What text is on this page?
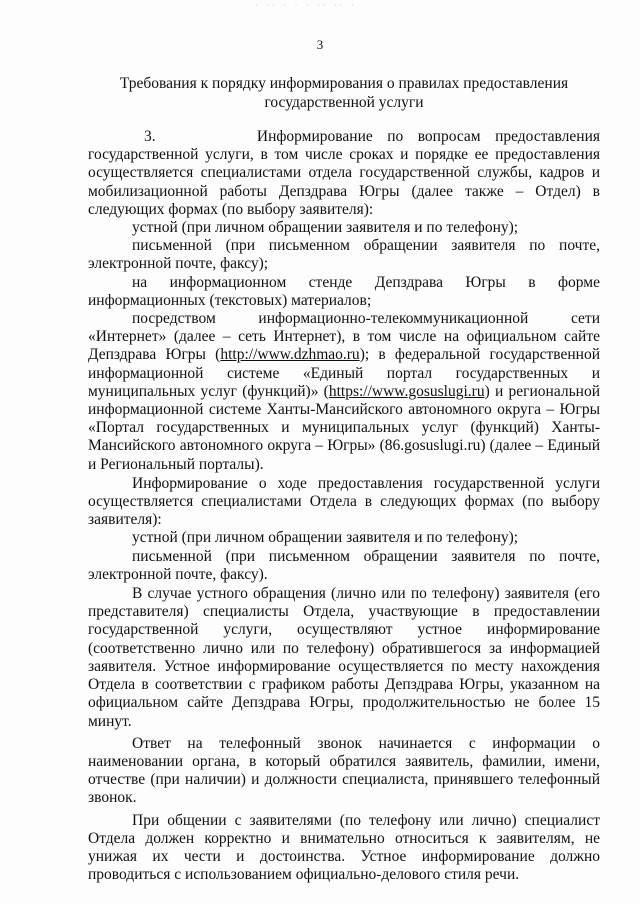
· ·· · · · ·· ·· ·
3
Требования к порядку информирования о правилах предоставления
государственной услуги

3.	Информирование по вопросам предоставления государственной услуги, в том числе сроках и порядке ее предоставления осуществляется специалистами отдела государственной службы, кадров и мобилизационной работы Депздрава Югры (далее также – Отдел) в следующих формах (по выбору заявителя):

устной (при личном обращении заявителя и по телефону);

письменной (при письменном обращении заявителя по почте, электронной почте, факсу);

на информационном стенде Депздрава Югры в форме информационных (текстовых) материалов;

посредством информационно-телекоммуникационной сети «Интернет» (далее – сеть Интернет), в том числе на официальном сайте Депздрава Югры (http://www.dzhmao.ru); в федеральной государственной информационной системе «Единый портал государственных и муниципальных услуг (функций)» (https://www.gosuslugi.ru) и региональной информационной системе Ханты-Мансийского автономного округа – Югры «Портал государственных и муниципальных услуг (функций) Ханты-Мансийского автономного округа – Югры» (86.gosuslugi.ru) (далее – Единый и Региональный порталы).

Информирование о ходе предоставления государственной услуги осуществляется специалистами Отдела в следующих формах (по выбору заявителя):

устной (при личном обращении заявителя и по телефону);

письменной (при письменном обращении заявителя по почте, электронной почте, факсу).

В случае устного обращения (лично или по телефону) заявителя (его представителя) специалисты Отдела, участвующие в предоставлении государственной услуги, осуществляют устное информирование (соответственно лично или по телефону) обратившегося за информацией заявителя. Устное информирование осуществляется по месту нахождения Отдела в соответствии с графиком работы Депздрава Югры, указанном на официальном сайте Депздрава Югры, продолжительностью не более 15 минут.

Ответ на телефонный звонок начинается с информации о наименовании органа, в который обратился заявитель, фамилии, имени, отчестве (при наличии) и должности специалиста, принявшего телефонный звонок.

При общении с заявителями (по телефону или лично) специалист Отдела должен корректно и внимательно относиться к заявителям, не унижая их чести и достоинства. Устное информирование должно проводиться с использованием официально-делового стиля речи.
